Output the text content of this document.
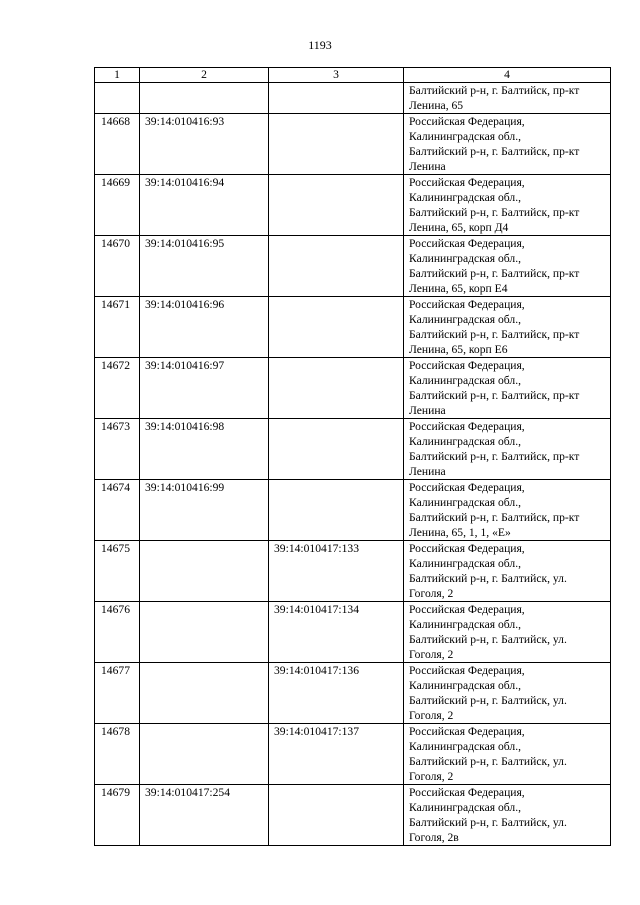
1193
1	2	3	4

			Балтийский р-н, г. Балтийск, пр-кт
Ленина, 65

14668	39:14:010416:93		Российская Федерация,
Калининградская обл.,
Балтийский р-н, г. Балтийск, пр-кт
Ленина

14669	39:14:010416:94		Российская Федерация,
Калининградская обл.,
Балтийский р-н, г. Балтийск, пр-кт
Ленина, 65, корп Д4

14670	39:14:010416:95		Российская Федерация,
Калининградская обл.,
Балтийский р-н, г. Балтийск, пр-кт
Ленина, 65, корп Е4

14671	39:14:010416:96		Российская Федерация,
Калининградская обл.,
Балтийский р-н, г. Балтийск, пр-кт
Ленина, 65, корп Е6

14672	39:14:010416:97		Российская Федерация,
Калининградская обл.,
Балтийский р-н, г. Балтийск, пр-кт
Ленина

14673	39:14:010416:98		Российская Федерация,
Калининградская обл.,
Балтийский р-н, г. Балтийск, пр-кт
Ленина

14674	39:14:010416:99		Российская Федерация,
Калининградская обл.,
Балтийский р-н, г. Балтийск, пр-кт
Ленина, 65, 1, 1, «Е»

14675		39:14:010417:133	Российская Федерация,
Калининградская обл.,
Балтийский р-н, г. Балтийск, ул.
Гоголя, 2

14676		39:14:010417:134	Российская Федерация,
Калининградская обл.,
Балтийский р-н, г. Балтийск, ул.
Гоголя, 2

14677		39:14:010417:136	Российская Федерация,
Калининградская обл.,
Балтийский р-н, г. Балтийск, ул.
Гоголя, 2

14678		39:14:010417:137	Российская Федерация,
Калининградская обл.,
Балтийский р-н, г. Балтийск, ул.
Гоголя, 2

14679	39:14:010417:254		Российская Федерация,
Калининградская обл.,
Балтийский р-н, г. Балтийск, ул.
Гоголя, 2в
